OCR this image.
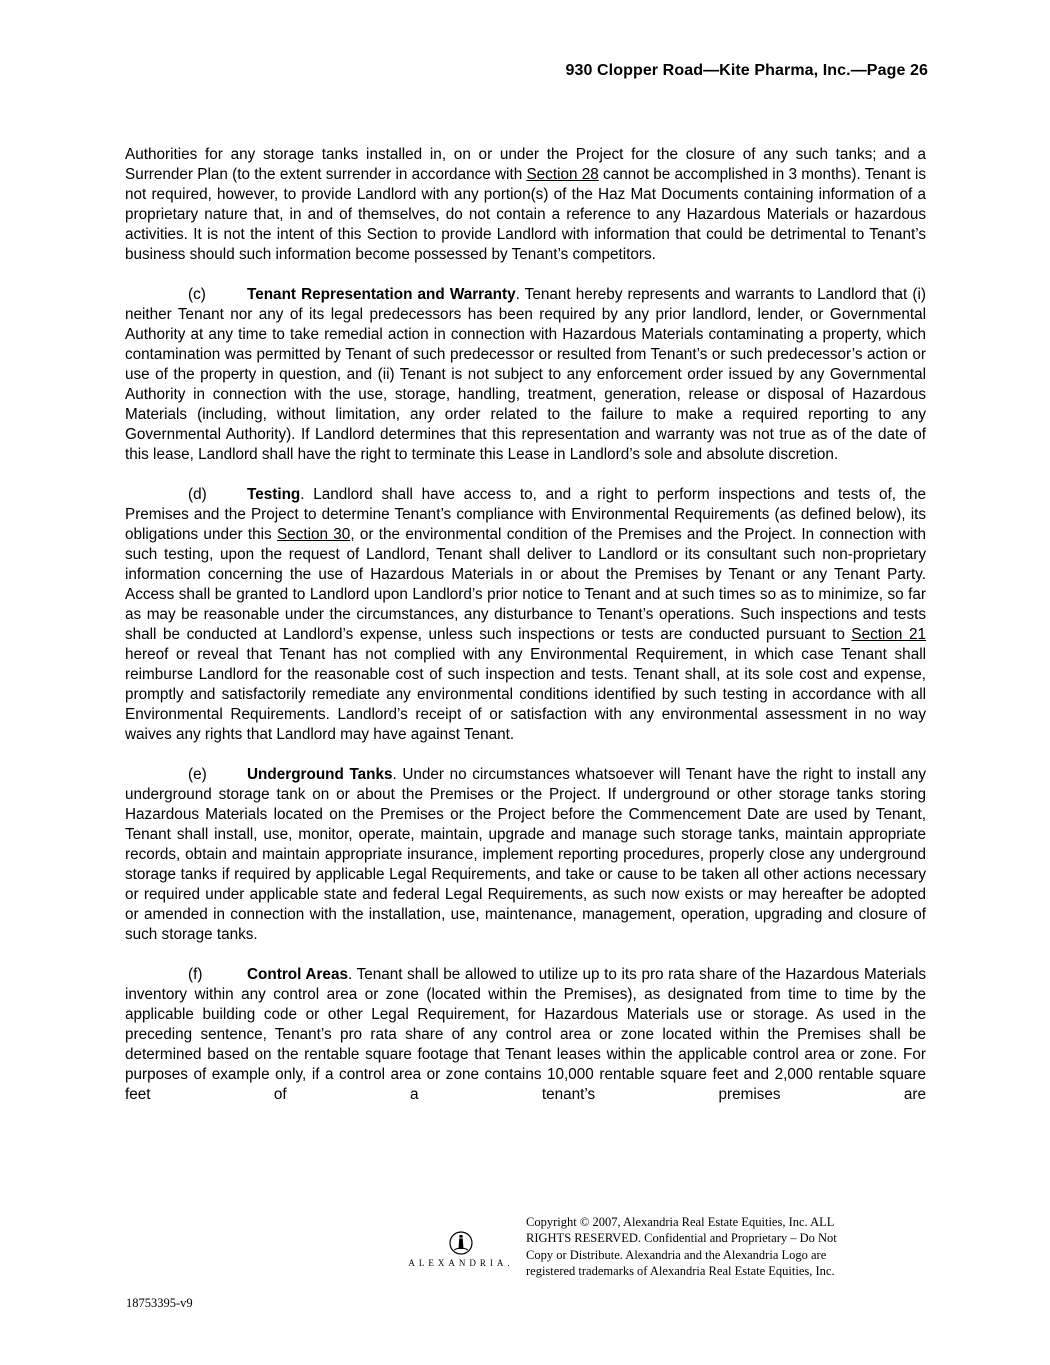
930 Clopper Road—Kite Pharma, Inc.—Page 26

Authorities for any storage tanks installed in, on or under the Project for the closure of any such tanks; and a Surrender Plan (to the extent surrender in accordance with Section 28 cannot be accomplished in 3 months). Tenant is not required, however, to provide Landlord with any portion(s) of the Haz Mat Documents containing information of a proprietary nature that, in and of themselves, do not contain a reference to any Hazardous Materials or hazardous activities. It is not the intent of this Section to provide Landlord with information that could be detrimental to Tenant’s business should such information become possessed by Tenant’s competitors.

(c)	Tenant Representation and Warranty. Tenant hereby represents and warrants to Landlord that (i) neither Tenant nor any of its legal predecessors has been required by any prior landlord, lender, or Governmental Authority at any time to take remedial action in connection with Hazardous Materials contaminating a property, which contamination was permitted by Tenant of such predecessor or resulted from Tenant’s or such predecessor’s action or use of the property in question, and (ii) Tenant is not subject to any enforcement order issued by any Governmental Authority in connection with the use, storage, handling, treatment, generation, release or disposal of Hazardous Materials (including, without limitation, any order related to the failure to make a required reporting to any Governmental Authority). If Landlord determines that this representation and warranty was not true as of the date of this lease, Landlord shall have the right to terminate this Lease in Landlord’s sole and absolute discretion.

(d)	Testing. Landlord shall have access to, and a right to perform inspections and tests of, the Premises and the Project to determine Tenant’s compliance with Environmental Requirements (as defined below), its obligations under this Section 30, or the environmental condition of the Premises and the Project. In connection with such testing, upon the request of Landlord, Tenant shall deliver to Landlord or its consultant such non-proprietary information concerning the use of Hazardous Materials in or about the Premises by Tenant or any Tenant Party. Access shall be granted to Landlord upon Landlord’s prior notice to Tenant and at such times so as to minimize, so far as may be reasonable under the circumstances, any disturbance to Tenant’s operations. Such inspections and tests shall be conducted at Landlord’s expense, unless such inspections or tests are conducted pursuant to Section 21 hereof or reveal that Tenant has not complied with any Environmental Requirement, in which case Tenant shall reimburse Landlord for the reasonable cost of such inspection and tests. Tenant shall, at its sole cost and expense, promptly and satisfactorily remediate any environmental conditions identified by such testing in accordance with all Environmental Requirements. Landlord’s receipt of or satisfaction with any environmental assessment in no way waives any rights that Landlord may have against Tenant.

(e)	Underground Tanks. Under no circumstances whatsoever will Tenant have the right to install any underground storage tank on or about the Premises or the Project. If underground or other storage tanks storing Hazardous Materials located on the Premises or the Project before the Commencement Date are used by Tenant, Tenant shall install, use, monitor, operate, maintain, upgrade and manage such storage tanks, maintain appropriate records, obtain and maintain appropriate insurance, implement reporting procedures, properly close any underground storage tanks if required by applicable Legal Requirements, and take or cause to be taken all other actions necessary or required under applicable state and federal Legal Requirements, as such now exists or may hereafter be adopted or amended in connection with the installation, use, maintenance, management, operation, upgrading and closure of such storage tanks.

(f)	Control Areas. Tenant shall be allowed to utilize up to its pro rata share of the Hazardous Materials inventory within any control area or zone (located within the Premises), as designated from time to time by the applicable building code or other Legal Requirement, for Hazardous Materials use or storage. As used in the preceding sentence, Tenant’s pro rata share of any control area or zone located within the Premises shall be determined based on the rentable square footage that Tenant leases within the applicable control area or zone. For purposes of example only, if a control area or zone contains 10,000 rentable square feet and 2,000 rentable square feet of a tenant’s premises are

ALEXANDRIA.
Copyright © 2007, Alexandria Real Estate Equities, Inc. ALL
RIGHTS RESERVED. Confidential and Proprietary – Do Not
Copy or Distribute. Alexandria and the Alexandria Logo are
registered trademarks of Alexandria Real Estate Equities, Inc.
18753395-v9
